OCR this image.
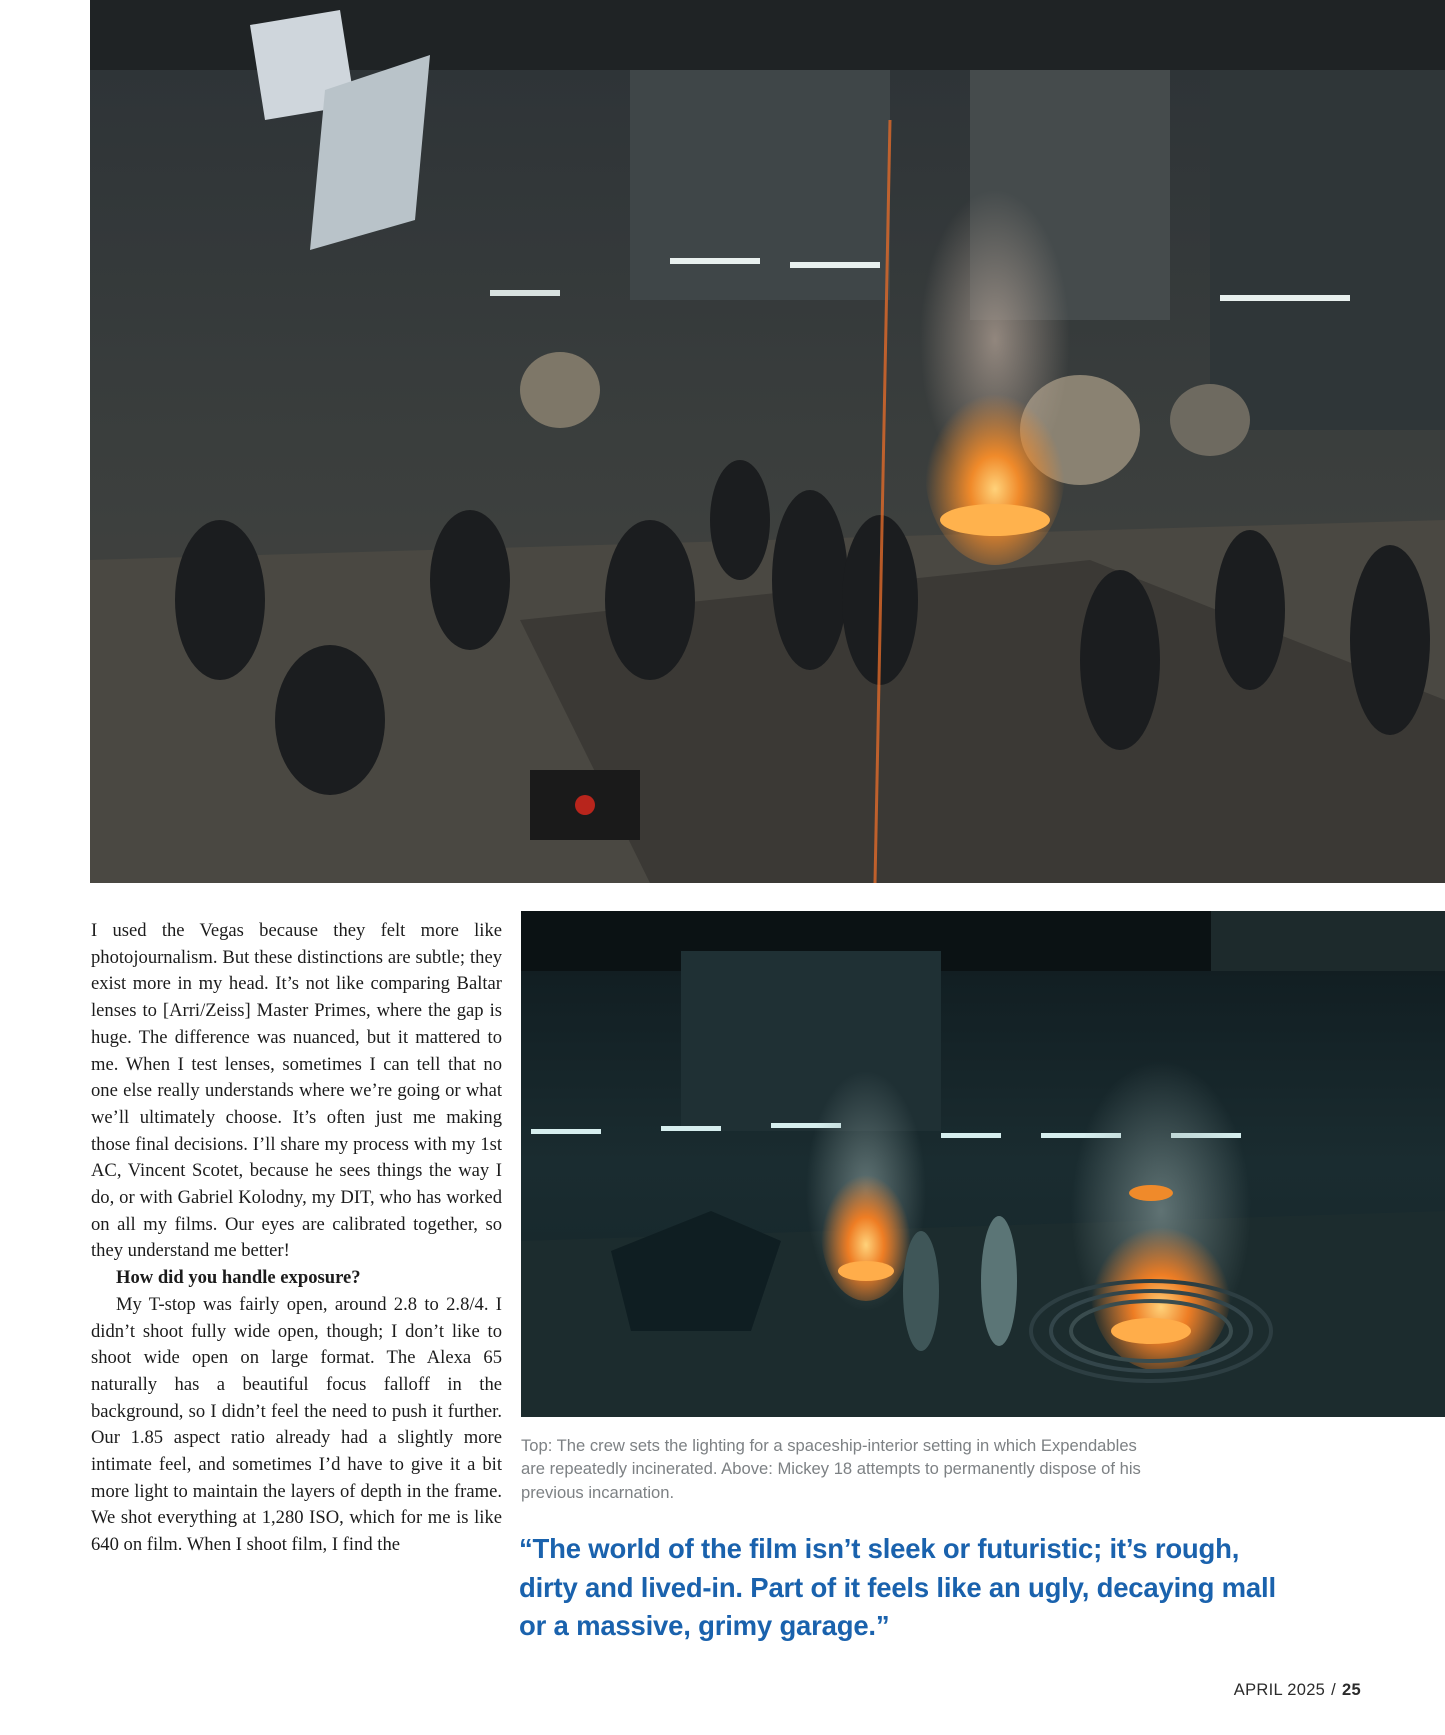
I used the Vegas because they felt more like photojournalism. But these distinctions are subtle; they exist more in my head. It’s not like comparing Baltar lenses to [Arri/Zeiss] Master Primes, where the gap is huge. The difference was nuanced, but it mattered to me. When I test lenses, sometimes I can tell that no one else really understands where we’re going or what we’ll ultimately choose. It’s often just me making those final decisions. I’ll share my process with my 1st AC, Vincent Scotet, because he sees things the way I do, or with Gabriel Kolodny, my DIT, who has worked on all my films. Our eyes are calibrated together, so they understand me better!

How did you handle exposure?

My T-stop was fairly open, around 2.8 to 2.8/4. I didn’t shoot fully wide open, though; I don’t like to shoot wide open on large format. The Alexa 65 naturally has a beautiful focus falloff in the background, so I didn’t feel the need to push it further. Our 1.85 aspect ratio already had a slightly more intimate feel, and sometimes I’d have to give it a bit more light to maintain the layers of depth in the frame. We shot everything at 1,280 ISO, which for me is like 640 on film. When I shoot film, I find the

Top: The crew sets the lighting for a spaceship-interior setting in which Expendables are repeatedly incinerated. Above: Mickey 18 attempts to permanently dispose of his previous incarnation.
“The world of the film isn’t sleek or futuristic; it’s rough, dirty and lived-in. Part of it feels like an ugly, decaying mall or a massive, grimy garage.”
APRIL 2025 / 25
